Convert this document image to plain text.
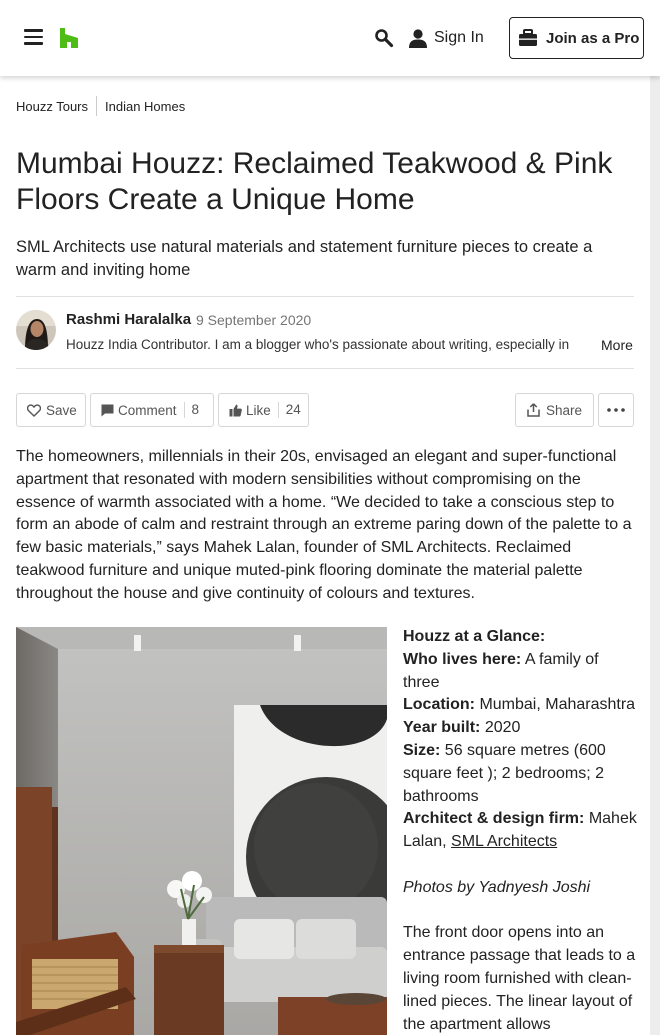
Sign In	Join as a Pro
Houzz Tours Indian Homes
Mumbai Houzz: Reclaimed Teakwood & Pink Floors Create a Unique Home

SML Architects use natural materials and statement furniture pieces to create a warm and inviting home

Rashmi Haralalka 9 September 2020
Houzz India Contributor. I am a blogger who's passionate about writing, especially in	More
Save	Comment	8	Like	24	Share

The homeowners, millennials in their 20s, envisaged an elegant and super-functional apartment that resonated with modern sensibilities without compromising on the essence of warmth associated with a home. “We decided to take a conscious step to form an abode of calm and restraint through an extreme paring down of the palette to a few basic materials,” says Mahek Lalan, founder of SML Architects. Reclaimed teakwood furniture and unique muted-pink flooring dominate the material palette throughout the house and give continuity of colours and textures.

Houzz at a Glance:

Who lives here: A family of three

Location: Mumbai, Maharashtra

Year built: 2020

Size: 56 square metres (600 square feet ); 2 bedrooms; 2 bathrooms

Architect & design firm: Mahek Lalan, SML Architects

Photos by Yadnyesh Joshi

The front door opens into an entrance passage that leads to a living room furnished with clean-lined pieces. The linear layout of the apartment allows
